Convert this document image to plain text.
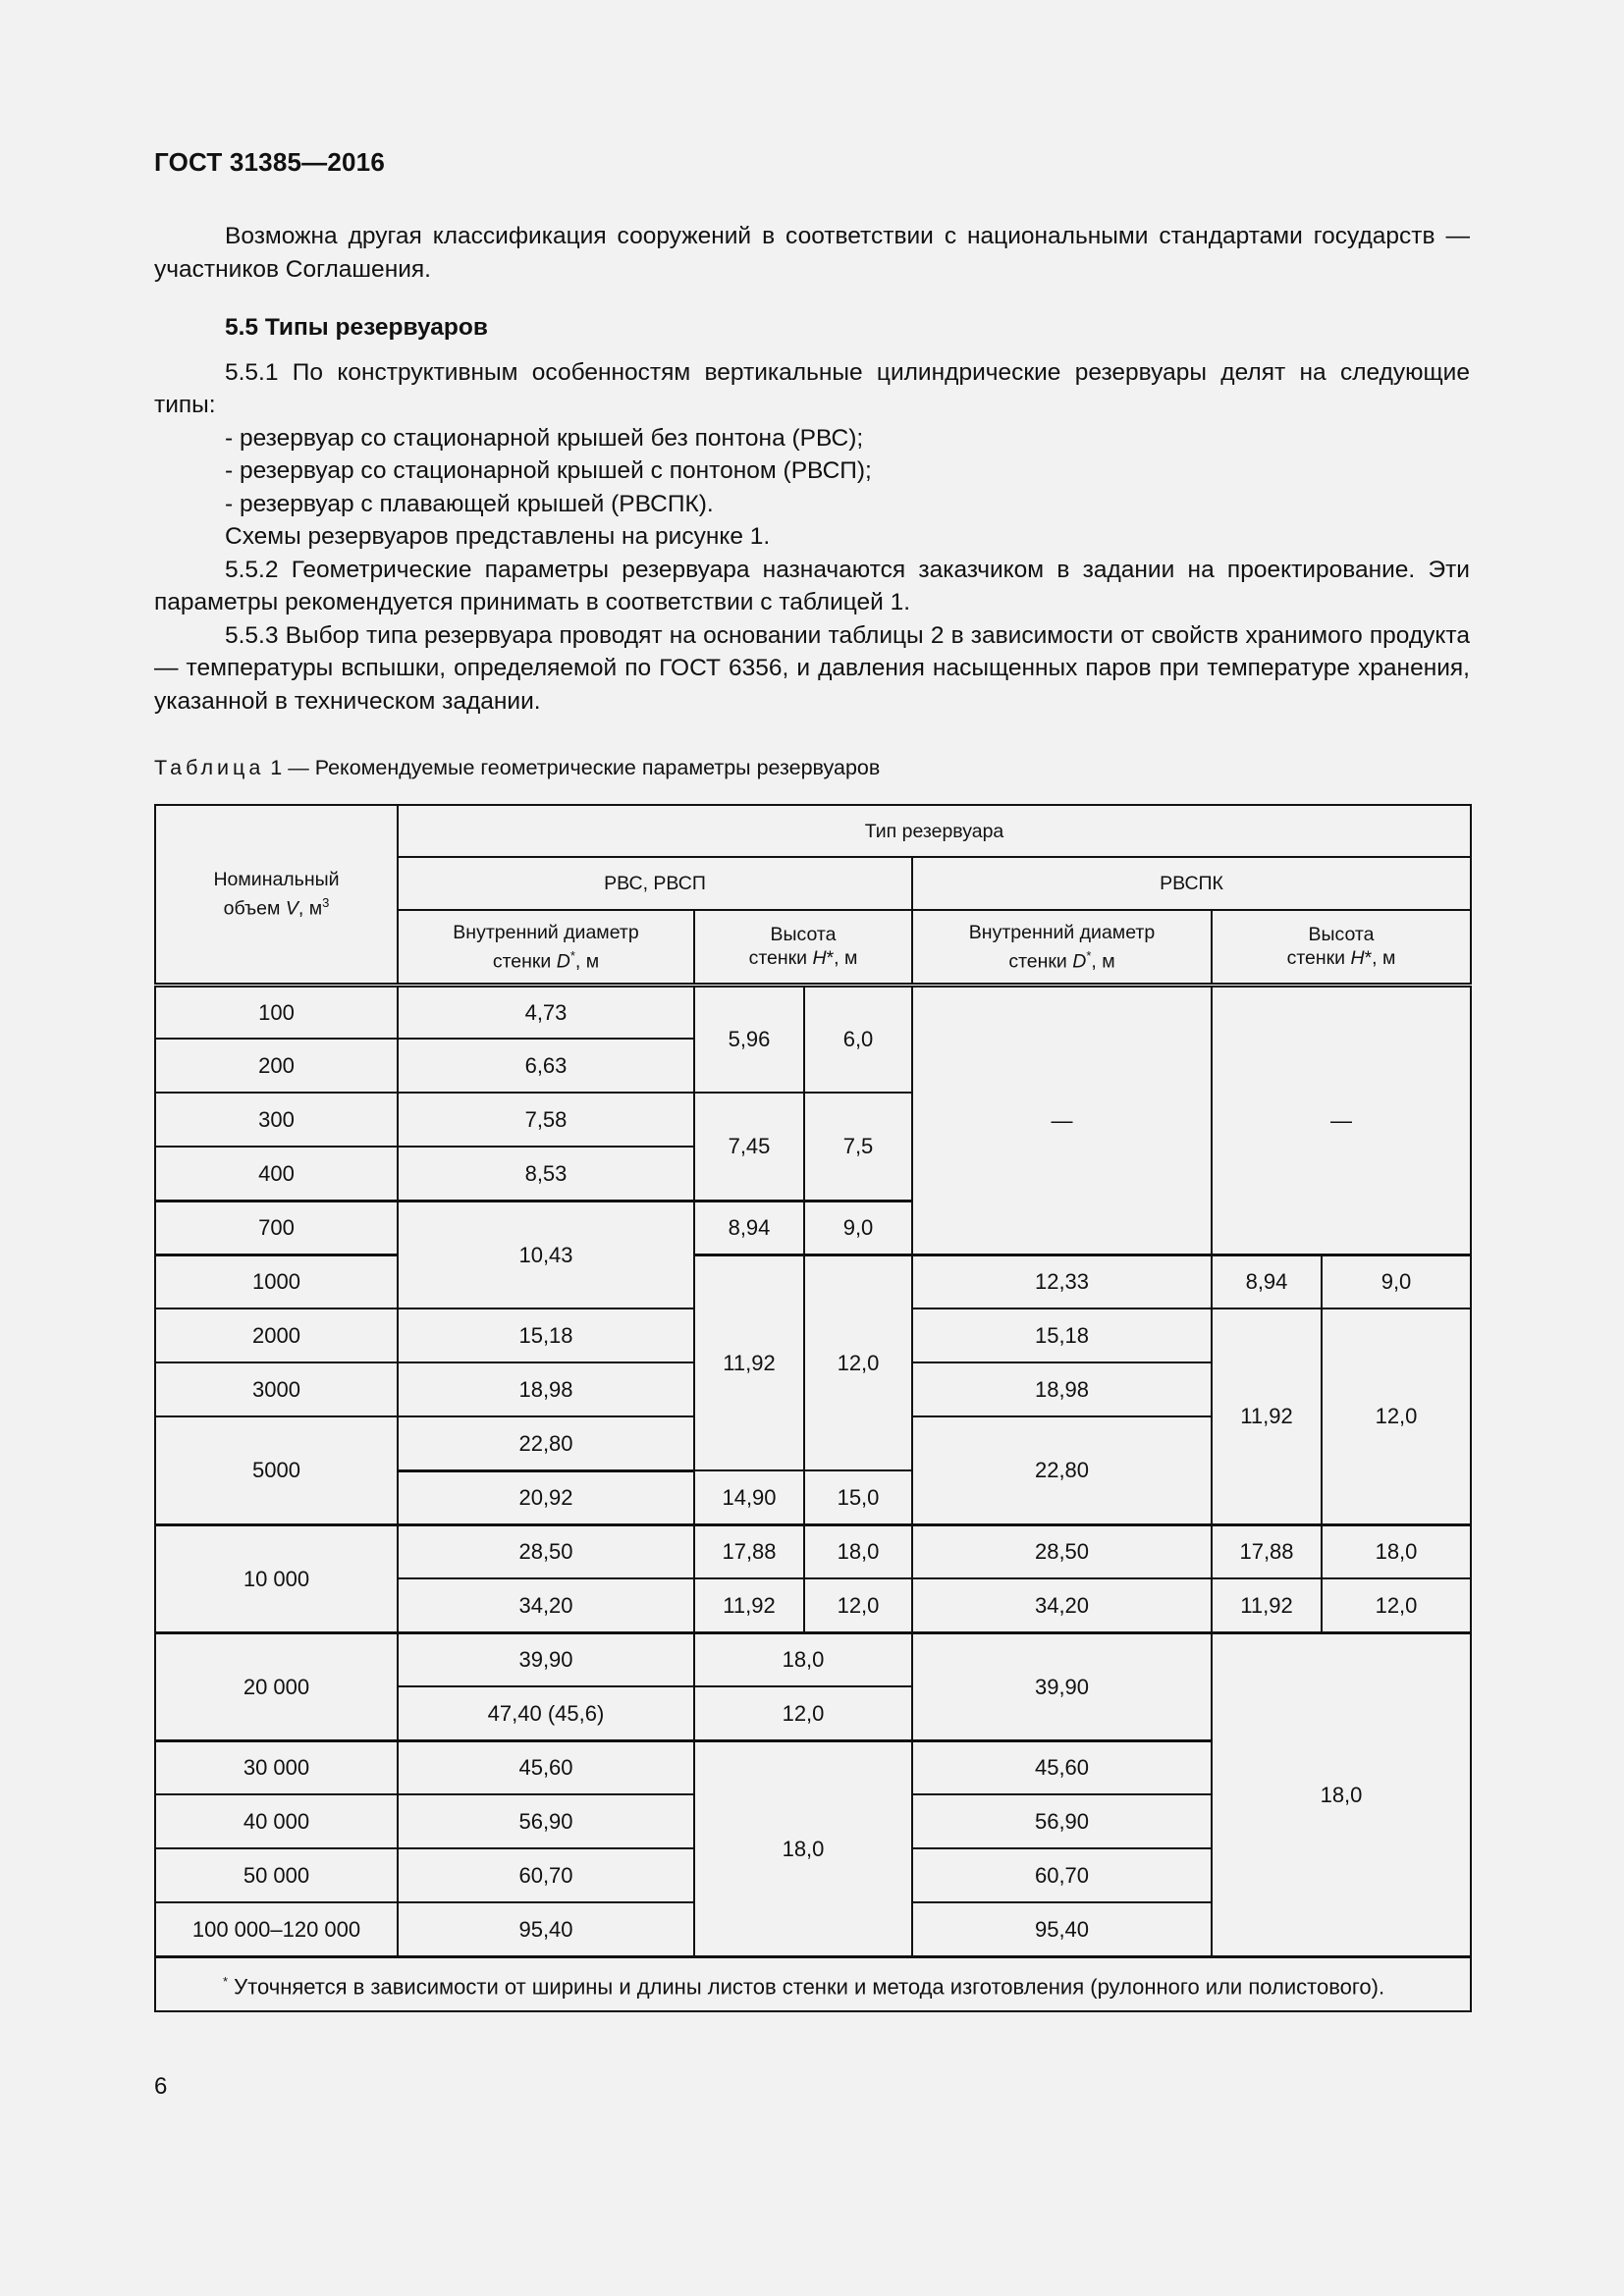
ГОСТ 31385—2016

Возможна другая классификация сооружений в соответствии с национальными стандартами государств — участников Соглашения.

5.5 Типы резервуаров

5.5.1 По конструктивным особенностям вертикальные цилиндрические резервуары делят на следующие типы:

- резервуар со стационарной крышей без понтона (РВС);

- резервуар со стационарной крышей с понтоном (РВСП);

- резервуар с плавающей крышей (РВСПК).

Схемы резервуаров представлены на рисунке 1.

5.5.2 Геометрические параметры резервуара назначаются заказчиком в задании на проектирование. Эти параметры рекомендуется принимать в соответствии с таблицей 1.

5.5.3 Выбор типа резервуара проводят на основании таблицы 2 в зависимости от свойств хранимого продукта — температуры вспышки, определяемой по ГОСТ 6356, и давления насыщенных паров при температуре хранения, указанной в техническом задании.

Таблица 1 — Рекомендуемые геометрические параметры резервуаров
Номинальный
объем V, $м^3$	Тип резервуара					
	РВС, РВСП			РВСПК		
	Внутренний диаметр
стенки D*, м	Высота
стенки H*, м		Внутренний диаметр
стенки D*, м	Высота
стенки H*, м	
100	4,73	5,96	6,0	—	—	
200	6,63					
300	7,58	7,45	7,5			
400	8,53					
700	10,43	8,94	9,0			
1000		11,92	12,0	12,33	8,94	9,0
2000	15,18			15,18	11,92	12,0
3000	18,98			18,98		
5000	22,80			22,80		
	20,92	14,90	15,0			
10 000	28,50	17,88	18,0	28,50	17,88	18,0
	34,20	11,92	12,0	34,20	11,92	12,0
20 000	39,90	18,0		39,90	18,0	
	47,40 (45,6)	12,0				
30 000	45,60	18,0		45,60		
40 000	56,90			56,90		
50 000	60,70			60,70		
100 000–120 000	95,40			95,40		

* Уточняется в зависимости от ширины и длины листов стенки и метода изготовления (рулонного или полистового).						
6
